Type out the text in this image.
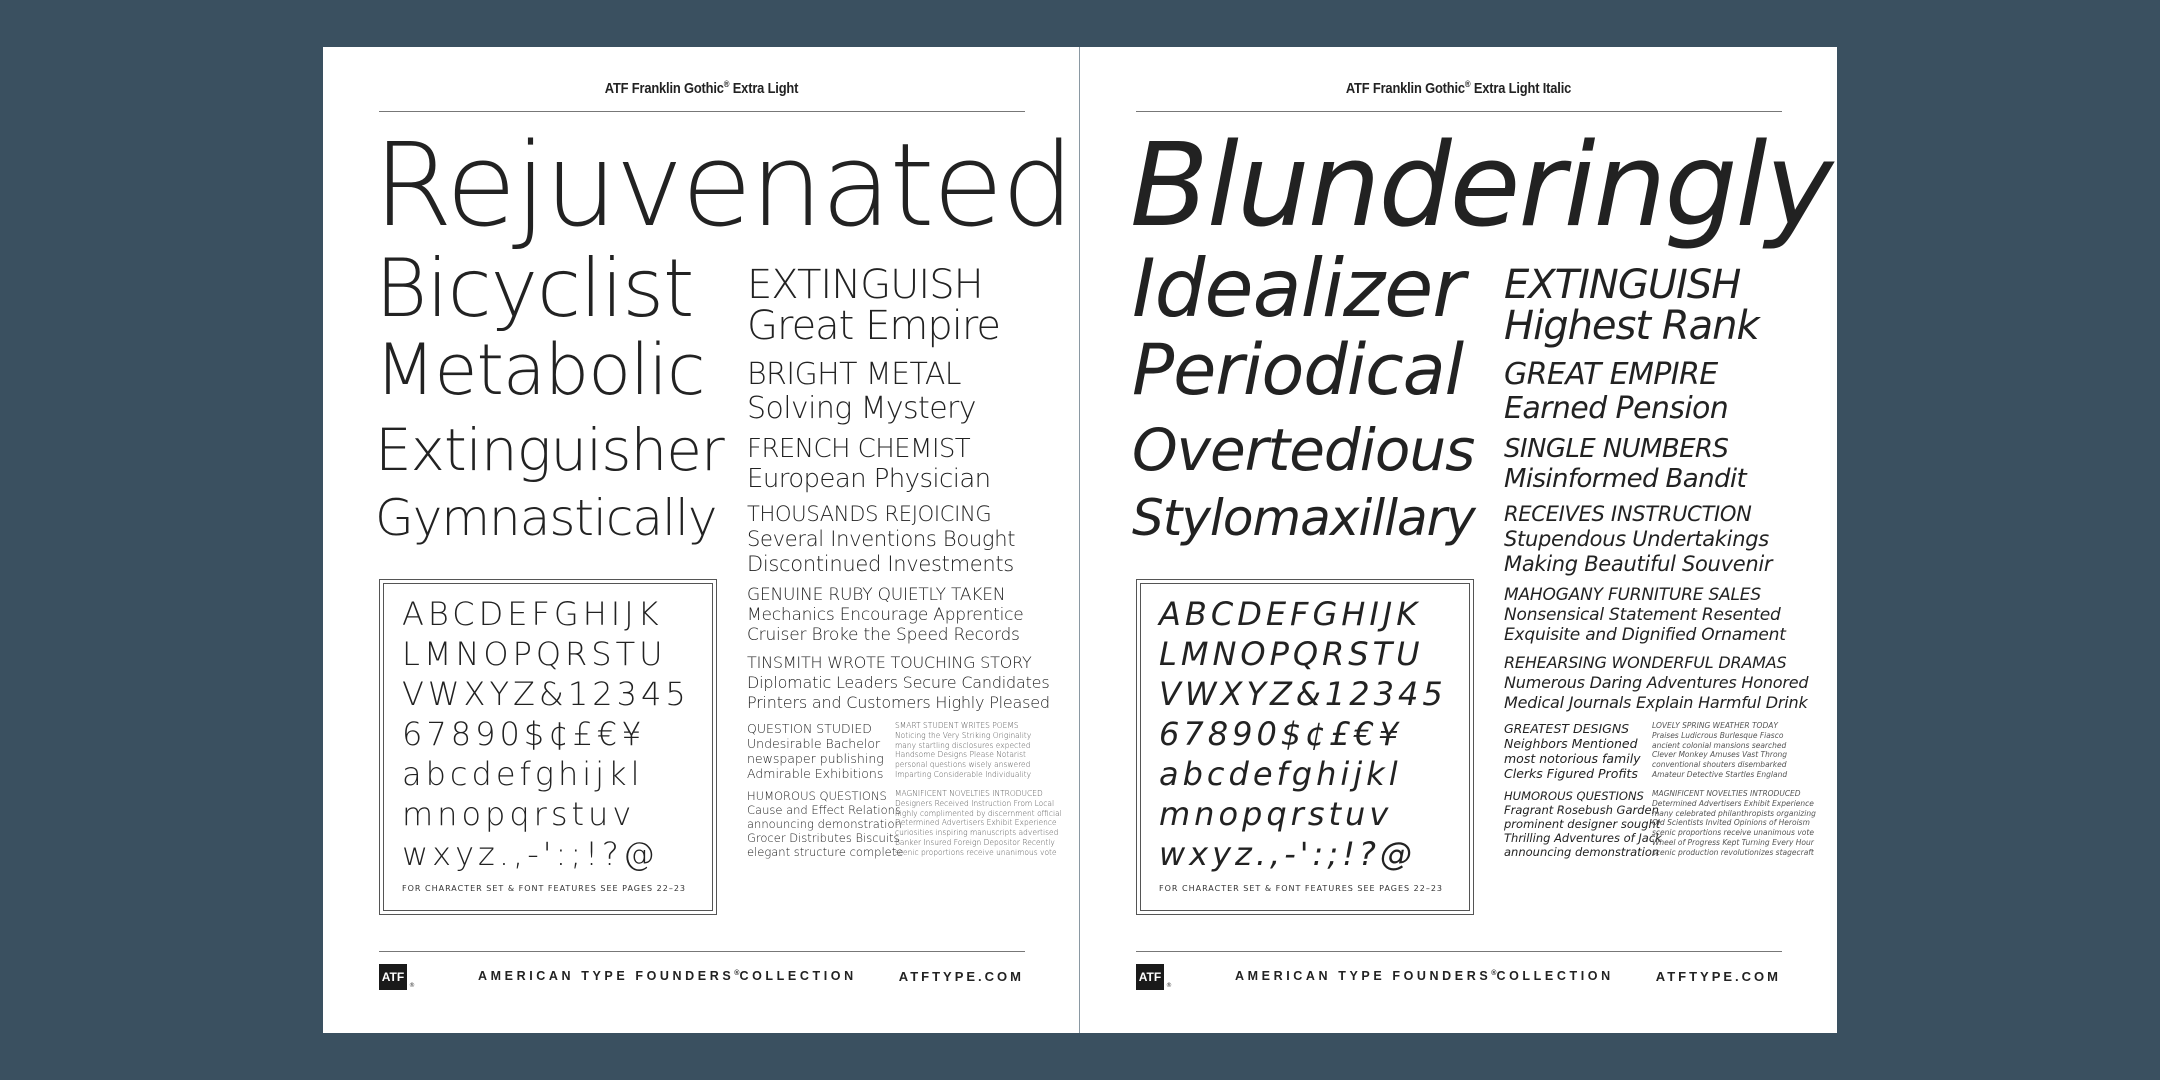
ATF Franklin Gothic® Extra Light
Rejuvenated
Bicyclist
Metabolic
Extinguisher
Gymnastically
EXTINGUISH
Great Empire
BRIGHT METAL
Solving Mystery
FRENCH CHEMIST
European Physician
THOUSANDS REJOICING
Several Inventions Bought
Discontinued Investments
GENUINE RUBY QUIETLY TAKEN
Mechanics Encourage Apprentice
Cruiser Broke the Speed Records
TINSMITH WROTE TOUCHING STORY
Diplomatic Leaders Secure Candidates
Printers and Customers Highly Pleased
QUESTION STUDIED
Undesirable Bachelor
newspaper publishing
Admirable Exhibitions
SMART STUDENT WRITES POEMS
Noticing the Very Striking Originality
many startling disclosures expected
Handsome Designs Please Notarist
personal questions wisely answered
Imparting Considerable Individuality
HUMOROUS QUESTIONS
Cause and Effect Relations
announcing demonstration
Grocer Distributes Biscuits
elegant structure complete
MAGNIFICENT NOVELTIES INTRODUCED
Designers Received Instruction From Local
highly complimented by discernment official
Determined Advertisers Exhibit Experience
curiosities inspiring manuscripts advertised
Banker Insured Foreign Depositor Recently
scenic proportions receive unanimous vote
ABCDEFGHIJK
LMNOPQRSTU
VWXYZ&12345
67890$¢£€¥
abcdefghijkl
mnopqrstuv
wxyz.,-':;!?@
FOR CHARACTER SET & FONT FEATURES SEE PAGES 22–23
ATF
®
AMERICAN TYPE FOUNDERS®COLLECTION	ATFTYPE.COM
ATF Franklin Gothic® Extra Light Italic
Blunderingly
Idealizer
Periodical
Overtedious
Stylomaxillary
EXTINGUISH
Highest Rank
GREAT EMPIRE
Earned Pension
SINGLE NUMBERS
Misinformed Bandit
RECEIVES INSTRUCTION
Stupendous Undertakings
Making Beautiful Souvenir
MAHOGANY FURNITURE SALES
Nonsensical Statement Resented
Exquisite and Dignified Ornament
REHEARSING WONDERFUL DRAMAS
Numerous Daring Adventures Honored
Medical Journals Explain Harmful Drink
GREATEST DESIGNS
Neighbors Mentioned
most notorious family
Clerks Figured Profits
LOVELY SPRING WEATHER TODAY
Praises Ludicrous Burlesque Fiasco
ancient colonial mansions searched
Clever Monkey Amuses Vast Throng
conventional shouters disembarked
Amateur Detective Startles England
HUMOROUS QUESTIONS
Fragrant Rosebush Garden
prominent designer sought
Thrilling Adventures of Jack
announcing demonstration
MAGNIFICENT NOVELTIES INTRODUCED
Determined Advertisers Exhibit Experience
many celebrated philanthropists organizing
Old Scientists Invited Opinions of Heroism
scenic proportions receive unanimous vote
Wheel of Progress Kept Turning Every Hour
scenic production revolutionizes stagecraft
ABCDEFGHIJK
LMNOPQRSTU
VWXYZ&12345
67890$¢£€¥
abcdefghijkl
mnopqrstuv
wxyz.,-':;!?@
FOR CHARACTER SET & FONT FEATURES SEE PAGES 22–23
ATF
®
AMERICAN TYPE FOUNDERS®COLLECTION	ATFTYPE.COM
